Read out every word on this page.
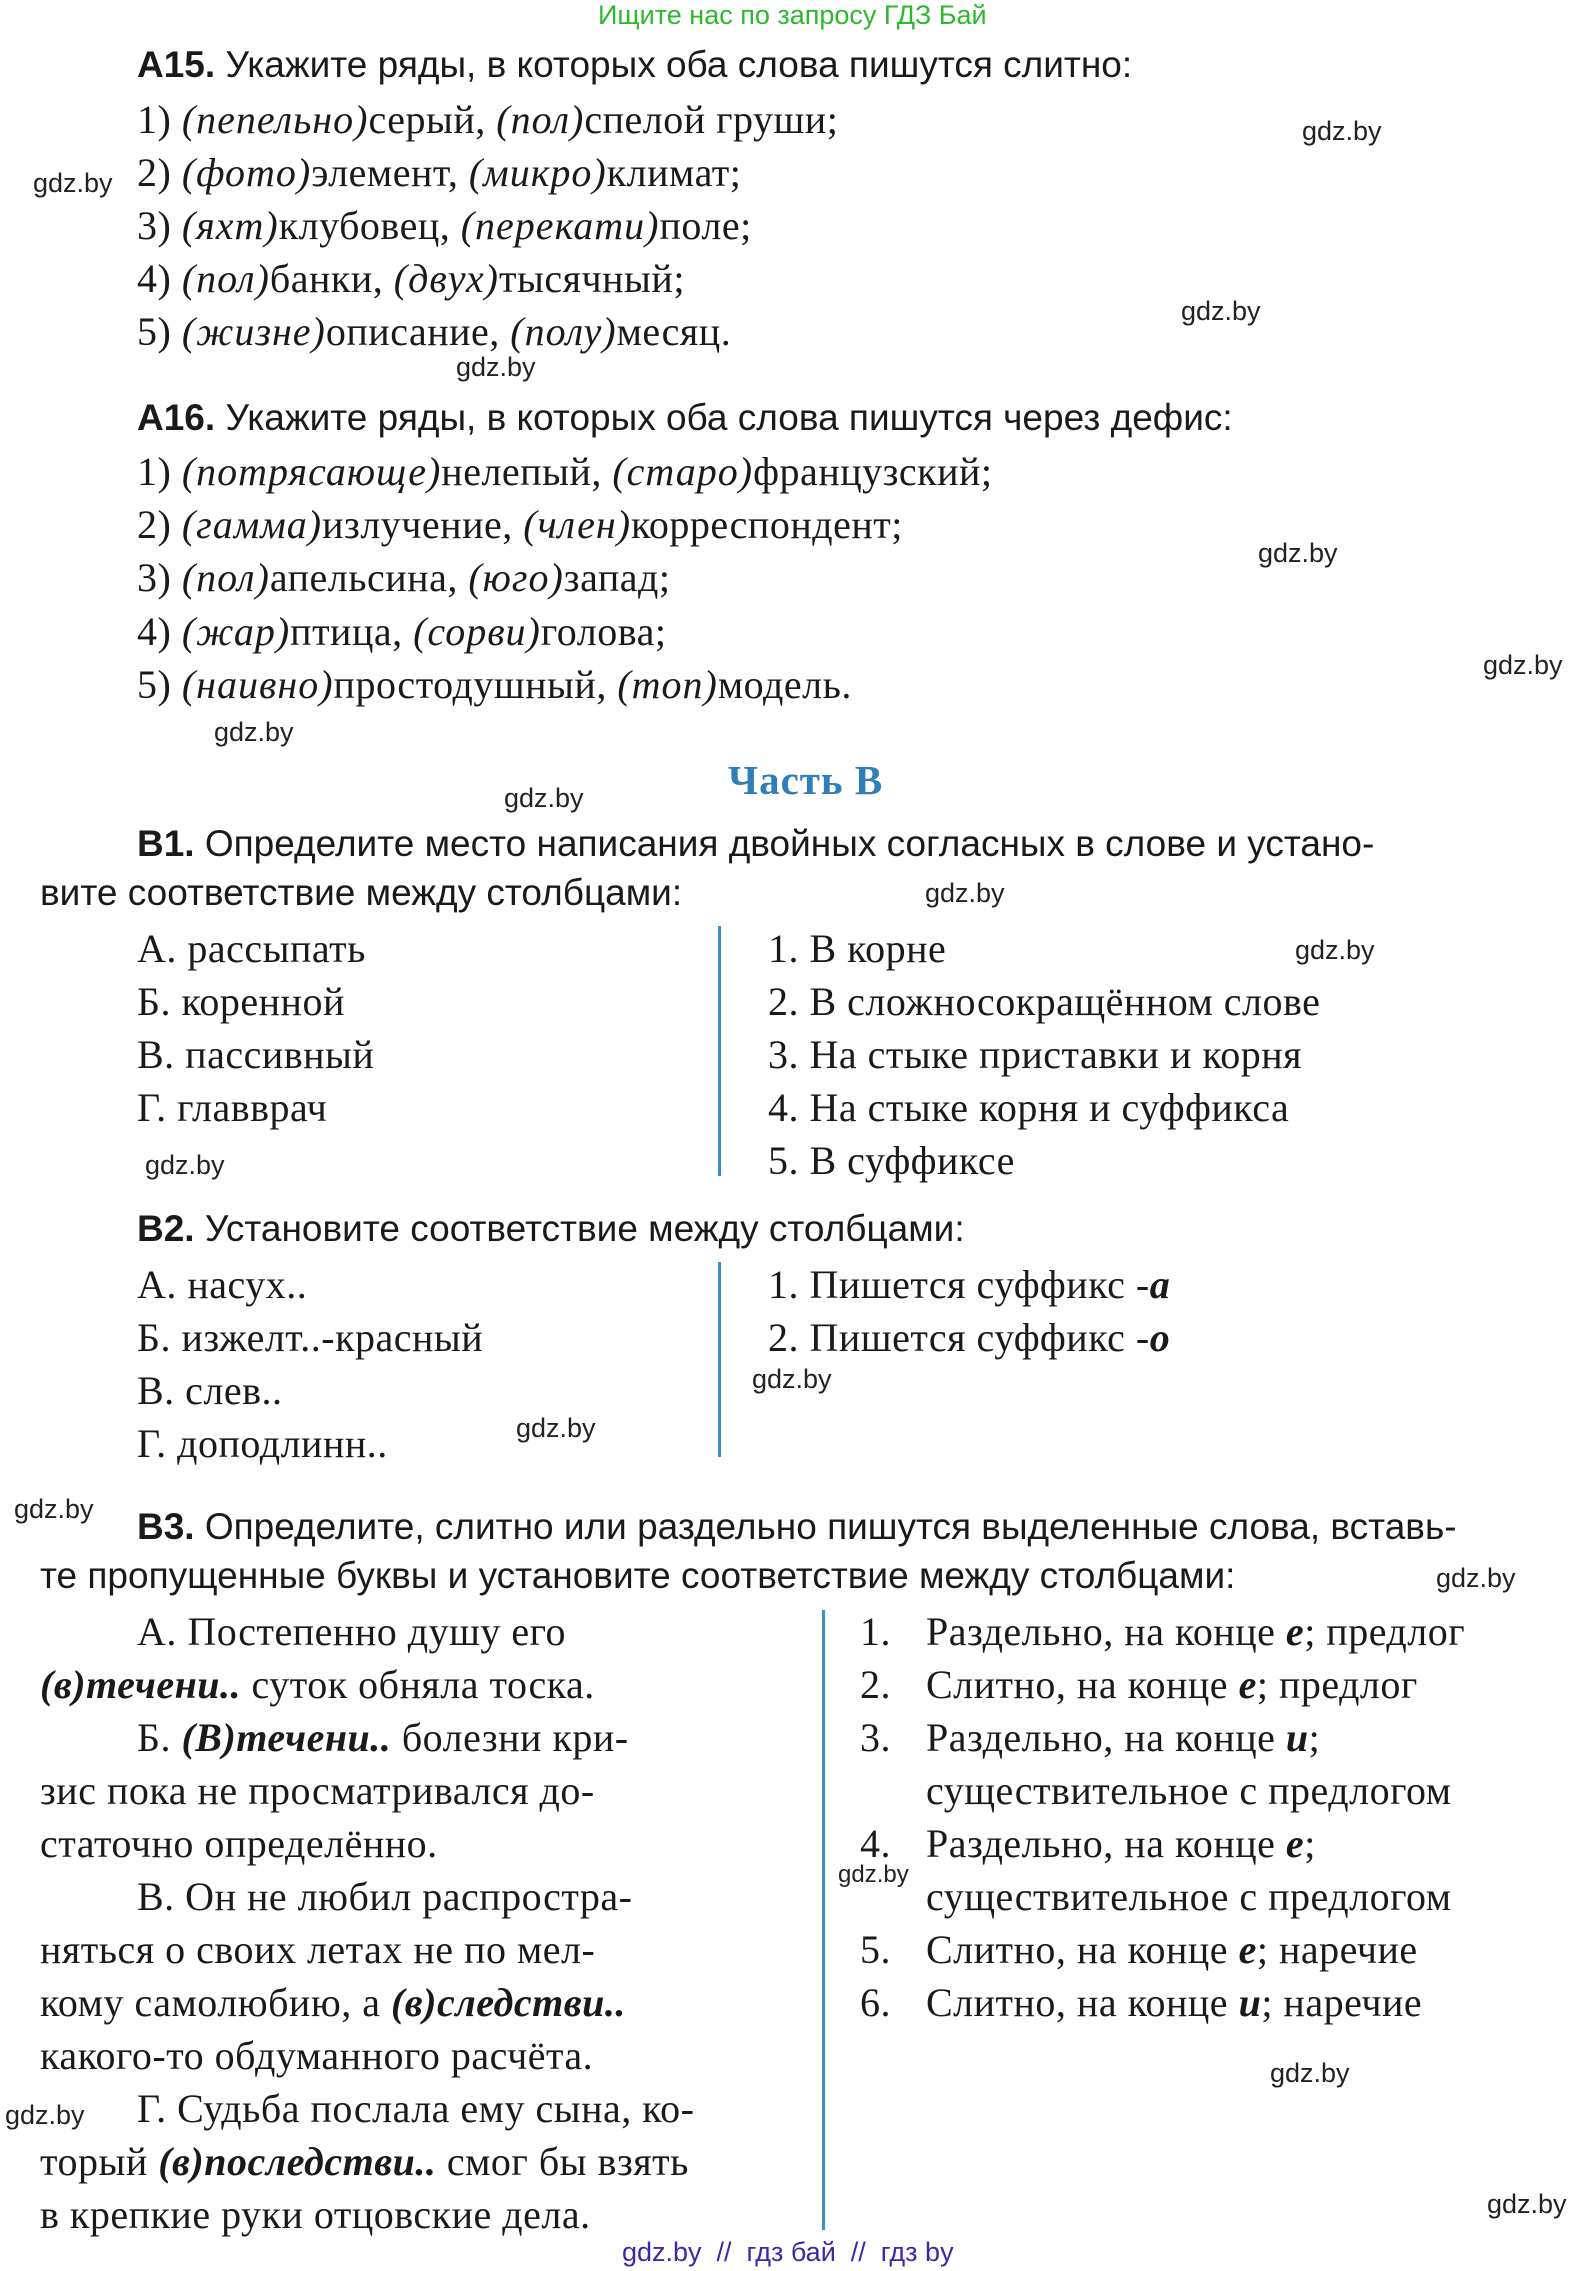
Ищите нас по запросу ГДЗ Бай
А15. Укажите ряды, в которых оба слова пишутся слитно:
1) (пепельно)серый, (пол)спелой груши;
2) (фото)элемент, (микро)климат;
3) (яхт)клубовец, (перекати)поле;
4) (пол)банки, (двух)тысячный;
5) (жизне)описание, (полу)месяц.
А16. Укажите ряды, в которых оба слова пишутся через дефис:
1) (потрясающе)нелепый, (старо)французский;
2) (гамма)излучение, (член)корреспондент;
3) (пол)апельсина, (юго)запад;
4) (жар)птица, (сорви)голова;
5) (наивно)простодушный, (топ)модель.
Часть В
В1. Определите место написания двойных согласных в слове и устано-
вите соответствие между столбцами:
А. рассыпать
Б. коренной
В. пассивный
Г. главврач
1. В корне
2. В сложносокращённом слове
3. На стыке приставки и корня
4. На стыке корня и суффикса
5. В суффиксе
В2. Установите соответствие между столбцами:
А. насух..
Б. изжелт..-красный
В. слев..
Г. доподлинн..
1. Пишется суффикс -а
2. Пишется суффикс -о
В3. Определите, слитно или раздельно пишутся выделенные слова, вставь-
те пропущенные буквы и установите соответствие между столбцами:
А. Постепенно душу его
(в)течени.. суток обняла тоска.
Б. (В)течени.. болезни кри-
зис пока не просматривался до-
статочно определённо.
В. Он не любил распростра-
няться о своих летах не по мел-
кому самолюбию, а (в)следстви..
какого-то обдуманного расчёта.
Г. Судьба послала ему сына, ко-
торый (в)последстви.. смог бы взять
в крепкие руки отцовские дела.
1. Раздельно, на конце е; предлог
2. Слитно, на конце е; предлог
3. Раздельно, на конце и;
существительное с предлогом
4. Раздельно, на конце е;
существительное с предлогом
5. Слитно, на конце е; наречие
6. Слитно, на конце и; наречие
gdz.by
gdz.by
gdz.by
gdz.by
gdz.by
gdz.by
gdz.by
gdz.by
gdz.by
gdz.by
gdz.by
gdz.by
gdz.by
gdz.by
gdz.by
gdz.by
gdz.by
gdz.by
gdz.by
gdz.by  //  гдз бай  //  гдз by
